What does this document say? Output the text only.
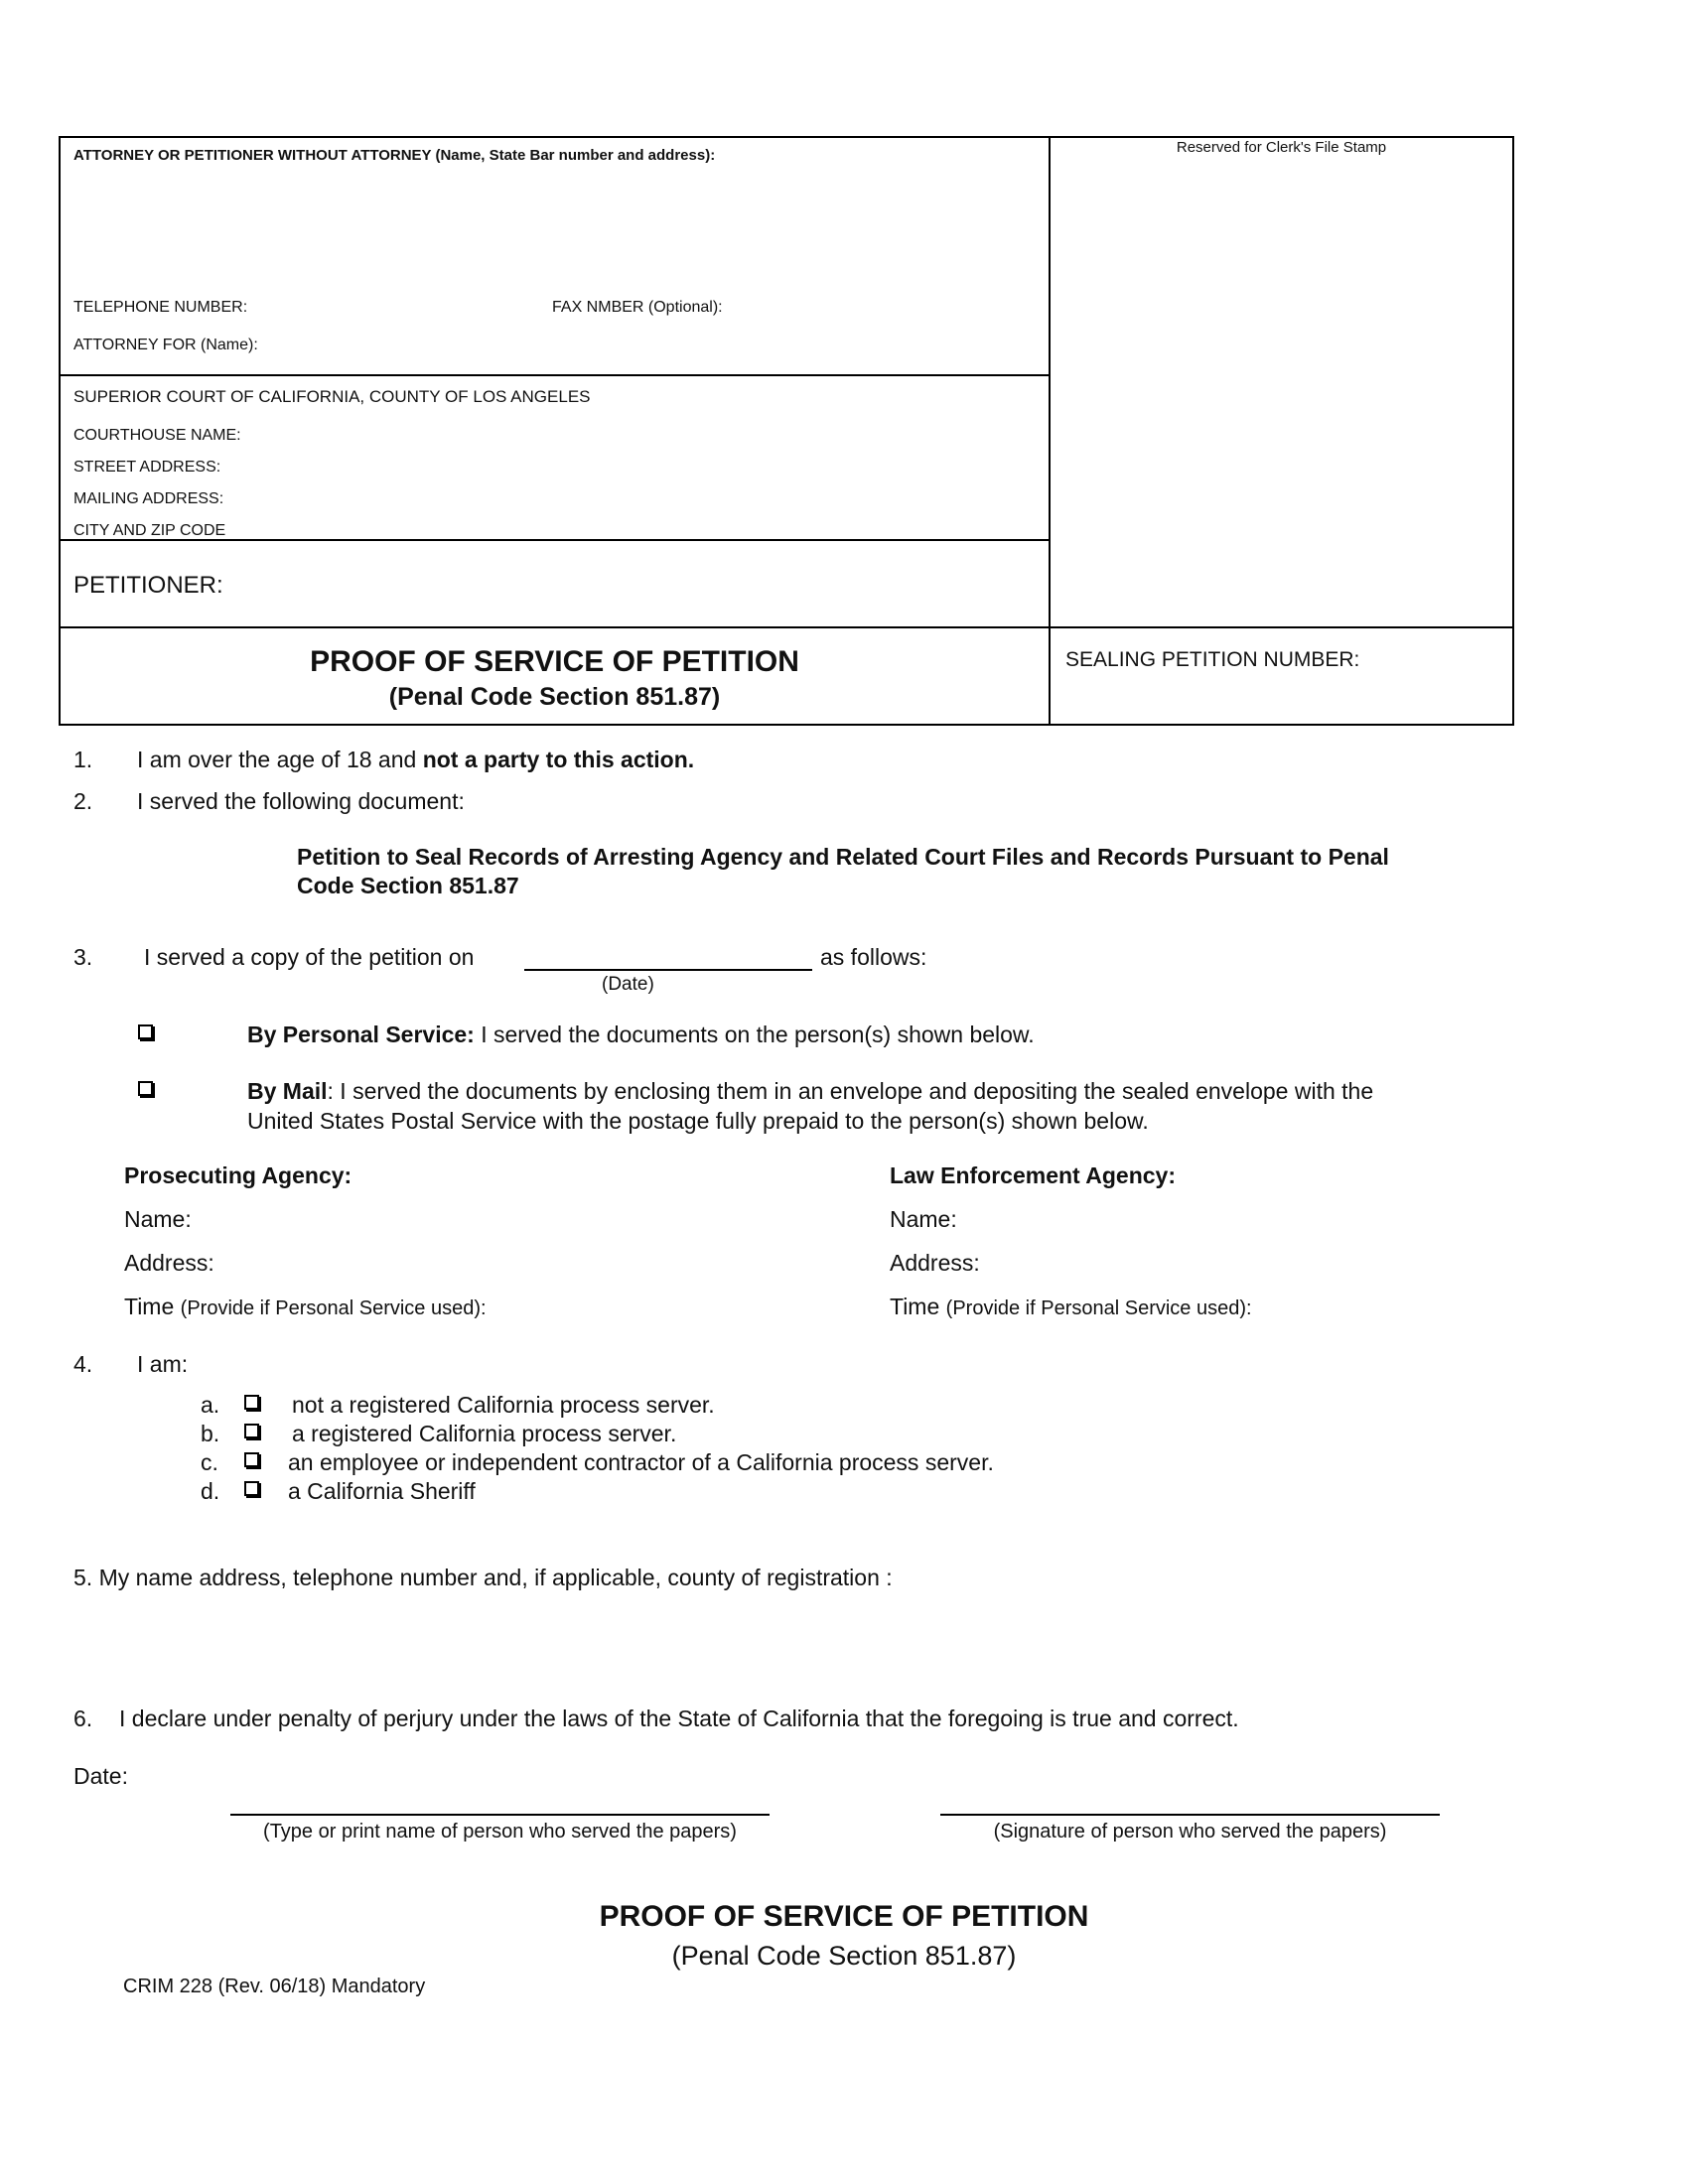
ATTORNEY OR PETITIONER WITHOUT ATTORNEY (Name, State Bar number and address):
TELEPHONE NUMBER:	FAX NMBER (Optional):
ATTORNEY FOR (Name):
Reserved for Clerk's File Stamp
SUPERIOR COURT OF CALIFORNIA, COUNTY OF LOS ANGELES
COURTHOUSE NAME:
STREET ADDRESS:
MAILING ADDRESS:
CITY AND ZIP CODE
PETITIONER:
PROOF OF SERVICE OF PETITION
(Penal Code Section 851.87)
SEALING PETITION NUMBER:
1. I am over the age of 18 and not a party to this action.
2. I served the following document:
Petition to Seal Records of Arresting Agency and Related Court Files and Records Pursuant to Penal
Code Section 851.87
3. I served a copy of the petition on	as follows:
(Date)
By Personal Service: I served the documents on the person(s) shown below.
By Mail: I served the documents by enclosing them in an envelope and depositing the sealed envelope with the
United States Postal Service with the postage fully prepaid to the person(s) shown below.
Prosecuting Agency:
Name:
Address:
Time (Provide if Personal Service used):
Law Enforcement Agency:
Name:
Address:
Time (Provide if Personal Service used):
4. I am:
a.	not a registered California process server.
b.	a registered California process server.
c.	an employee or independent contractor of a California process server.
d.	a California Sheriff
5. My name address, telephone number and, if applicable, county of registration :
6. I declare under penalty of perjury under the laws of the State of California that the foregoing is true and correct.
Date:
(Type or print name of person who served the papers)	(Signature of person who served the papers)
PROOF OF SERVICE OF PETITION
(Penal Code Section 851.87)
CRIM 228 (Rev. 06/18) Mandatory
